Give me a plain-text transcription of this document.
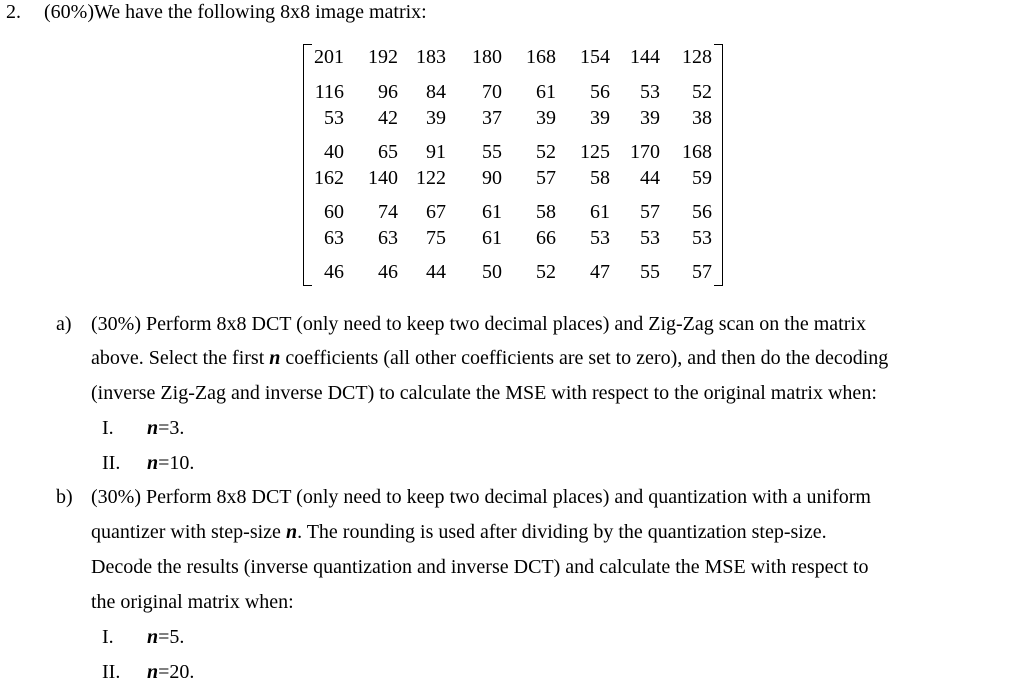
2. (60%)We have the following 8x8 image matrix:
201	192 183	180	168	154	144	128
116	96	84	70	61	56	53	52
53	42	39	37	39	39	39	38
40	65	91	55	52	125	170	168
162	140 122	90	57	58	44	59
60	74	67	61	58	61	57	56
63	63	75	61	66	53	53	53
46	46	44	50	52	47	55	57
a) (30%) Perform 8x8 DCT (only need to keep two decimal places) and Zig-Zag scan on the matrix
above. Select the first n coefficients (all other coefficients are set to zero), and then do the decoding
(inverse Zig-Zag and inverse DCT) to calculate the MSE with respect to the original matrix when:
I. n=3.
II. n=10.
b) (30%) Perform 8x8 DCT (only need to keep two decimal places) and quantization with a uniform
quantizer with step-size n. The rounding is used after dividing by the quantization step-size.
Decode the results (inverse quantization and inverse DCT) and calculate the MSE with respect to
the original matrix when:
I. n=5.
II. n=20.
